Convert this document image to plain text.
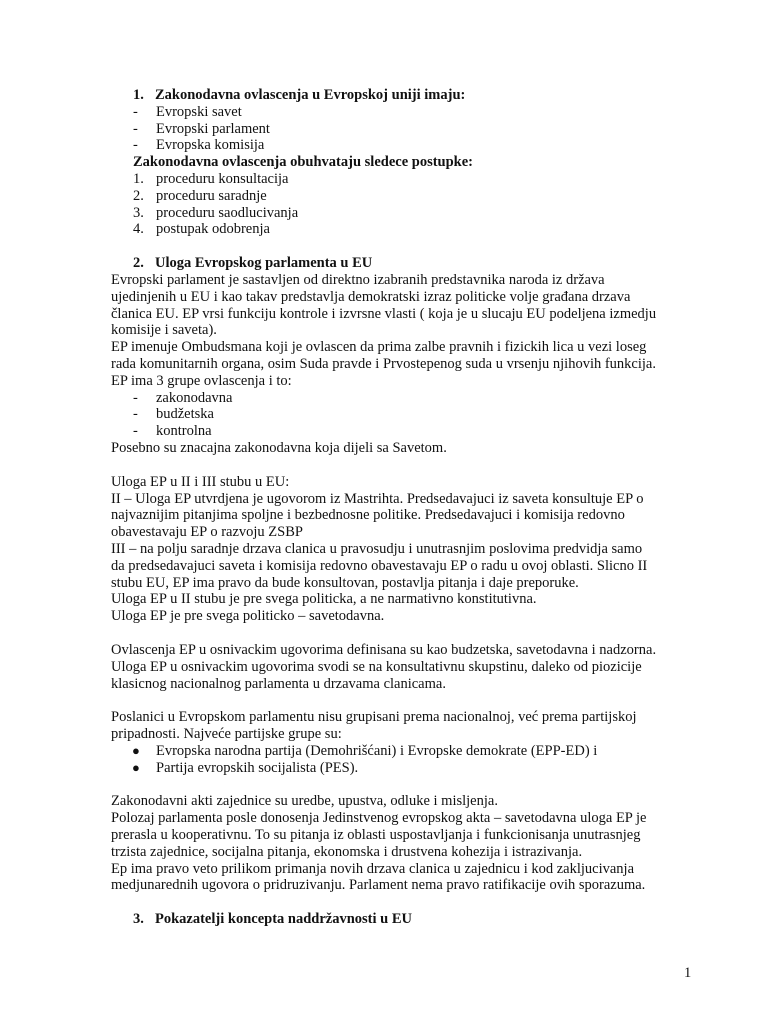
1. Zakonodavna ovlascenja u Evropskoj uniji imaju:
- Evropski savet
- Evropski parlament
- Evropska komisija
Zakonodavna ovlascenja obuhvataju sledece postupke:
1. proceduru konsultacija
2. proceduru saradnje
3. proceduru saodlucivanja
4. postupak odobrenja
2. Uloga Evropskog parlamenta u EU
Evropski parlament je sastavljen od direktno izabranih predstavnika naroda iz država
ujedinjenih u EU i kao takav predstavlja demokratski izraz politicke volje građana drzava
članica EU. EP vrsi funkciju kontrole i izvrsne vlasti ( koja je u slucaju EU podeljena izmedju
komisije i saveta).
EP imenuje Ombudsmana koji je ovlascen da prima zalbe pravnih i fizickih lica u vezi loseg
rada komunitarnih organa, osim Suda pravde i Prvostepenog suda u vrsenju njihovih funkcija.
EP ima 3 grupe ovlascenja i to:
- zakonodavna
- budžetska
- kontrolna
Posebno su znacajna zakonodavna koja dijeli sa Savetom.
Uloga EP u II i III stubu u EU:
II – Uloga EP utvrdjena je ugovorom iz Mastrihta. Predsedavajuci iz saveta konsultuje EP o
najvaznijim pitanjima spoljne i bezbednosne politike. Predsedavajuci i komisija redovno
obavestavaju EP o razvoju ZSBP
III – na polju saradnje drzava clanica u pravosudju i unutrasnjim poslovima predvidja samo
da predsedavajuci saveta i komisija redovno obavestavaju EP o radu u ovoj oblasti. Slicno II
stubu EU, EP ima pravo da bude konsultovan, postavlja pitanja i daje preporuke.
Uloga EP u II stubu je pre svega politicka, a ne narmativno konstitutivna.
Uloga EP je pre svega politicko – savetodavna.
Ovlascenja EP u osnivackim ugovorima definisana su kao budzetska, savetodavna i nadzorna.
Uloga EP u osnivackim ugovorima svodi se na konsultativnu skupstinu, daleko od piozicije
klasicnog nacionalnog parlamenta u drzavama clanicama.
Poslanici u Evropskom parlamentu nisu grupisani prema nacionalnoj, već prema partijskoj
pripadnosti. Najveće partijske grupe su:
● Evropska narodna partija (Demohrišćani) i Evropske demokrate (EPP-ED) i
● Partija evropskih socijalista (PES).
Zakonodavni akti zajednice su uredbe, upustva, odluke i misljenja.
Polozaj parlamenta posle donosenja Jedinstvenog evropskog akta – savetodavna uloga EP je
prerasla u kooperativnu. To su pitanja iz oblasti uspostavljanja i funkcionisanja unutrasnjeg
trzista zajednice, socijalna pitanja, ekonomska i drustvena kohezija i istrazivanja.
Ep ima pravo veto prilikom primanja novih drzava clanica u zajednicu i kod zakljucivanja
medjunarednih ugovora o pridruzivanju. Parlament nema pravo ratifikacije ovih sporazuma.
3. Pokazatelji koncepta naddržavnosti u EU
1
